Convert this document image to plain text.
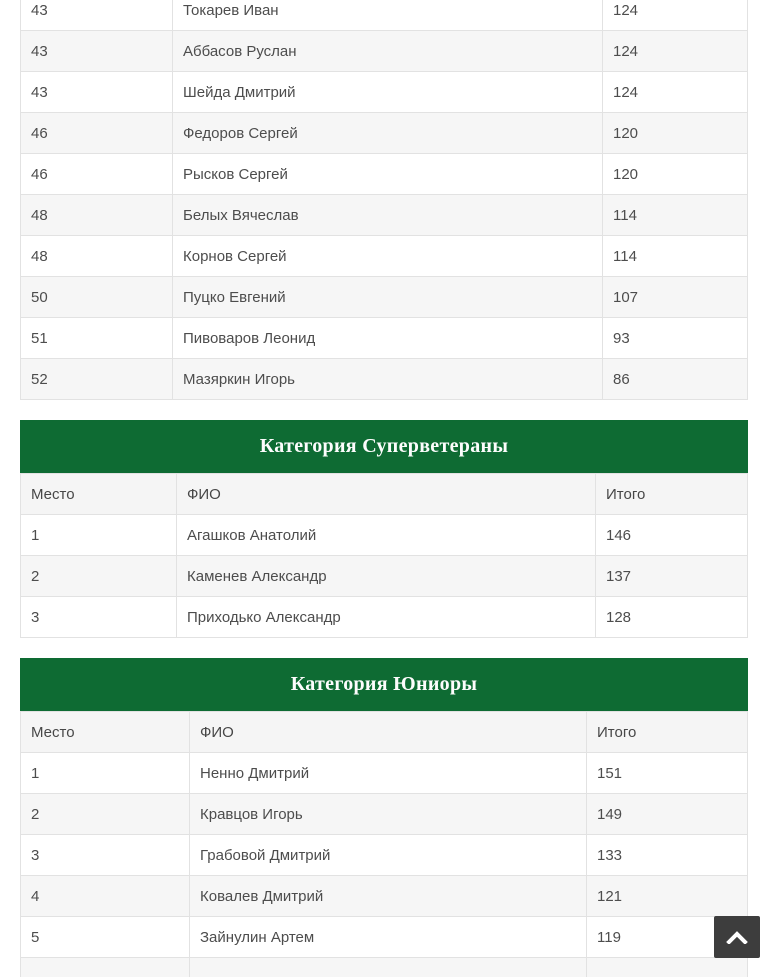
43	Токарев Иван	124
43	Аббасов Руслан	124
43	Шейда Дмитрий	124
46	Федоров Сергей	120
46	Рысков Сергей	120
48	Белых Вячеслав	114
48	Корнов Сергей	114
50	Пуцко Евгений	107
51	Пивоваров Леонид	93
52	Мазяркин Игорь	86
Категория Суперветераны
Место	ФИО	Итого
1	Агашков Анатолий	146
2	Каменев Александр	137
3	Приходько Александр	128
Категория Юниоры
Место	ФИО	Итого
1	Ненно Дмитрий	151
2	Кравцов Игорь	149
3	Грабовой Дмитрий	133
4	Ковалев Дмитрий	121
5	Зайнулин Артем	119
